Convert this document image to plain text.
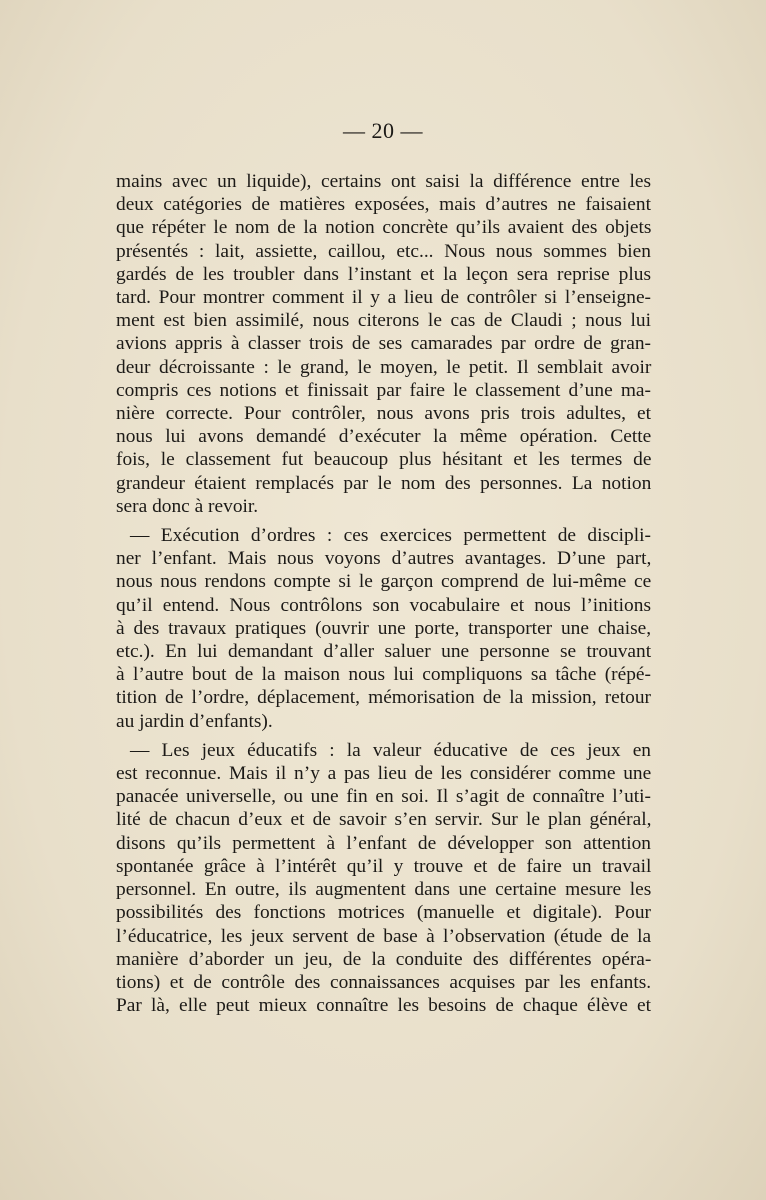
— 20 —
mains avec un liquide), certains ont saisi la différence entre les
deux catégories de matières exposées, mais d’autres ne faisaient
que répéter le nom de la notion concrète qu’ils avaient des objets
présentés : lait, assiette, caillou, etc... Nous nous sommes bien
gardés de les troubler dans l’instant et la leçon sera reprise plus
tard. Pour montrer comment il y a lieu de contrôler si l’enseigne-
ment est bien assimilé, nous citerons le cas de Claudi ; nous lui
avions appris à classer trois de ses camarades par ordre de gran-
deur décroissante : le grand, le moyen, le petit. Il semblait avoir
compris ces notions et finissait par faire le classement d’une ma-
nière correcte. Pour contrôler, nous avons pris trois adultes, et
nous lui avons demandé d’exécuter la même opération. Cette
fois, le classement fut beaucoup plus hésitant et les termes de
grandeur étaient remplacés par le nom des personnes. La notion
sera donc à revoir.
— Exécution d’ordres : ces exercices permettent de discipli-
ner l’enfant. Mais nous voyons d’autres avantages. D’une part,
nous nous rendons compte si le garçon comprend de lui-même ce
qu’il entend. Nous contrôlons son vocabulaire et nous l’initions
à des travaux pratiques (ouvrir une porte, transporter une chaise,
etc.). En lui demandant d’aller saluer une personne se trouvant
à l’autre bout de la maison nous lui compliquons sa tâche (répé-
tition de l’ordre, déplacement, mémorisation de la mission, retour
au jardin d’enfants).
— Les jeux éducatifs : la valeur éducative de ces jeux en
est reconnue. Mais il n’y a pas lieu de les considérer comme une
panacée universelle, ou une fin en soi. Il s’agit de connaître l’uti-
lité de chacun d’eux et de savoir s’en servir. Sur le plan général,
disons qu’ils permettent à l’enfant de développer son attention
spontanée grâce à l’intérêt qu’il y trouve et de faire un travail
personnel. En outre, ils augmentent dans une certaine mesure les
possibilités des fonctions motrices (manuelle et digitale). Pour
l’éducatrice, les jeux servent de base à l’observation (étude de la
manière d’aborder un jeu, de la conduite des différentes opéra-
tions) et de contrôle des connaissances acquises par les enfants.
Par là, elle peut mieux connaître les besoins de chaque élève et
